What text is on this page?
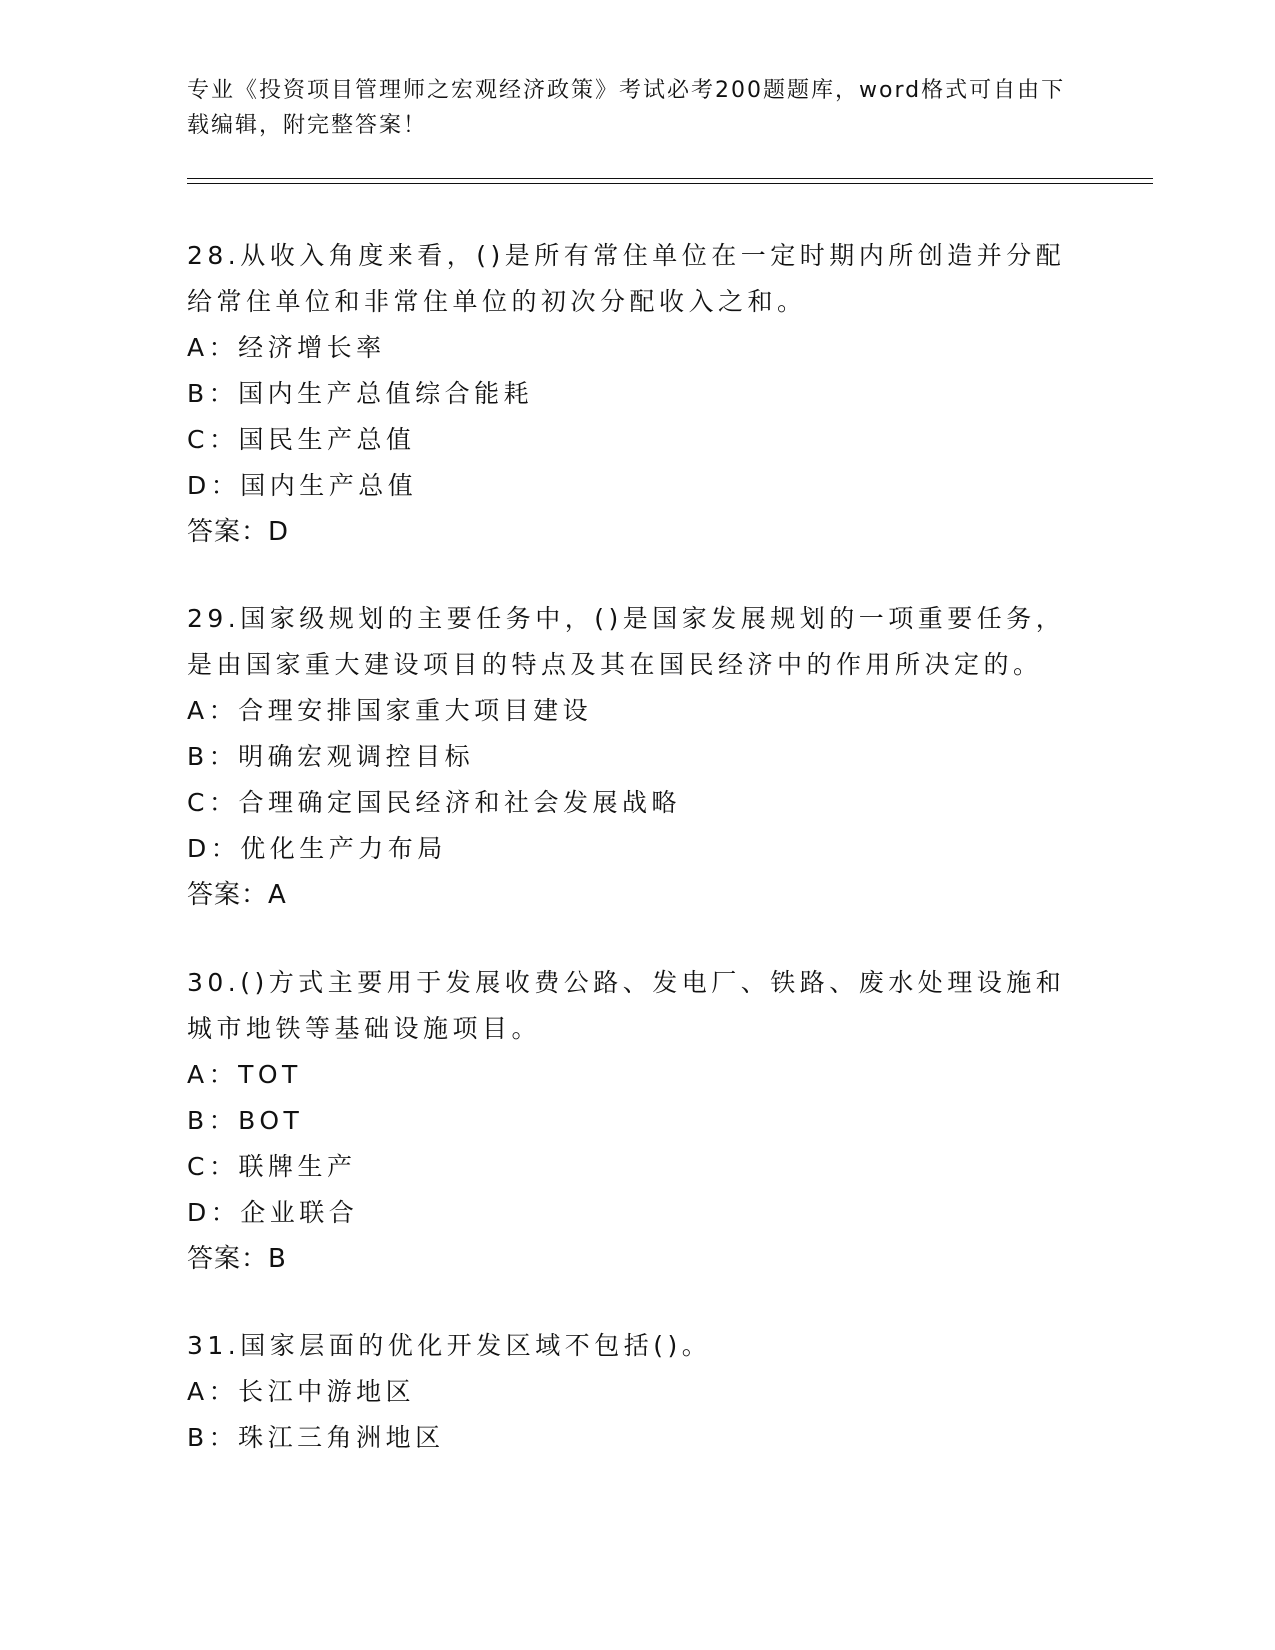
专业《投资项目管理师之宏观经济政策》考试必考200题题库，word格式可自由下载编辑，附完整答案！
28.从收入角度来看，()是所有常住单位在一定时期内所创造并分配给常住单位和非常住单位的初次分配收入之和。
A：经济增长率
B：国内生产总值综合能耗
C：国民生产总值
D：国内生产总值
答案：D
29.国家级规划的主要任务中，()是国家发展规划的一项重要任务，是由国家重大建设项目的特点及其在国民经济中的作用所决定的。
A：合理安排国家重大项目建设
B：明确宏观调控目标
C：合理确定国民经济和社会发展战略
D：优化生产力布局
答案：A
30.()方式主要用于发展收费公路、发电厂、铁路、废水处理设施和城市地铁等基础设施项目。
A：TOT
B：BOT
C：联牌生产
D：企业联合
答案：B
31.国家层面的优化开发区域不包括()。
A：长江中游地区
B：珠江三角洲地区
